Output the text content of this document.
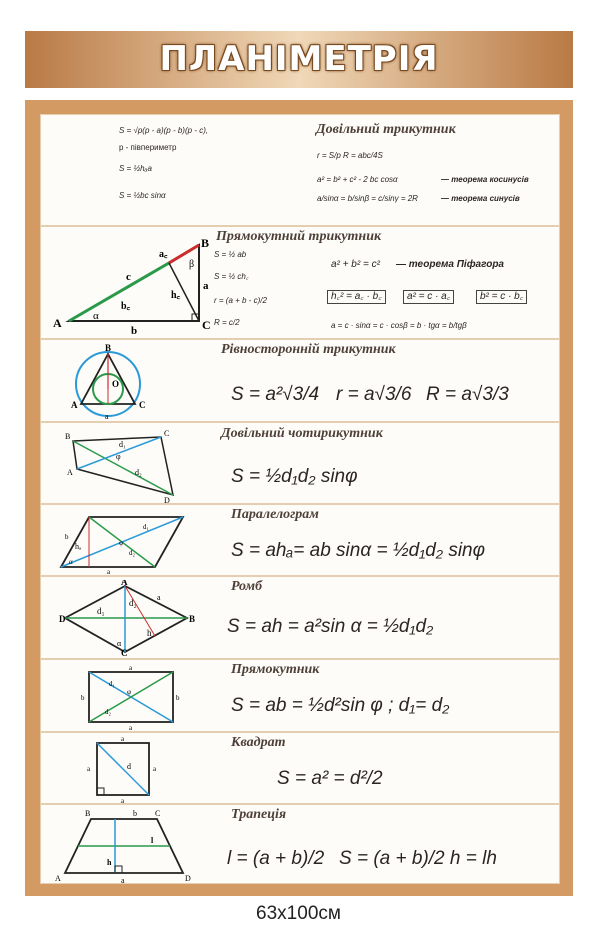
ПЛАНІМЕТРІЯ
Довільний трикутник
S = √p(p - a)(p - b)(p - c),
p - півпериметр
S = ½hₐa
S = ½bc sinα
r = S/p R = abc/4S
a² = b² + c² - 2 bc cosα	— теорема косинусів
a/sinα = b/sinβ = c/sinγ = 2R	— теорема синусів
A	C
B
b
a
c
a꜀
b꜀
h꜀
α
β
Прямокутний трикутник
S = ½ ab
S = ½ ch꜀
r = (a + b - c)/2
R = c/2
a² + b² = c² — теорема Піфагора
h꜀² = a꜀ · b꜀	a² = c · a꜀	b² = c · b꜀
a = c · sinα = c · cosβ = b · tgα = b/tgβ
B
A	C
O
a
Рівносторонній трикутник
S = a²√3/4 r = a√3/6 R = a√3/3
B	C
D
A
d₁
d₂
φ
Довільний чотирикутник
S = ½d₁d₂ sinφ
hₐ
a
b
d₁
d₂
φ
α
Паралелограм
S = ahₐ= ab sinα = ½d₁d₂ sinφ
A
B
C
D
d₁
d₂
h
a
α
Ромб
S = ah = a²sin α = ½d₁d₂
a
a
b	b
d₁
d₂
φ
Прямокутник
S = ab = ½d²sin φ ; d₁= d₂
a
a
a	a
d
Квадрат
S = a² = d²/2
B	C
A	D
b
a
h
l
Трапеція
l = (a + b)/2 S = (a + b)/2 h = lh
63x100см
